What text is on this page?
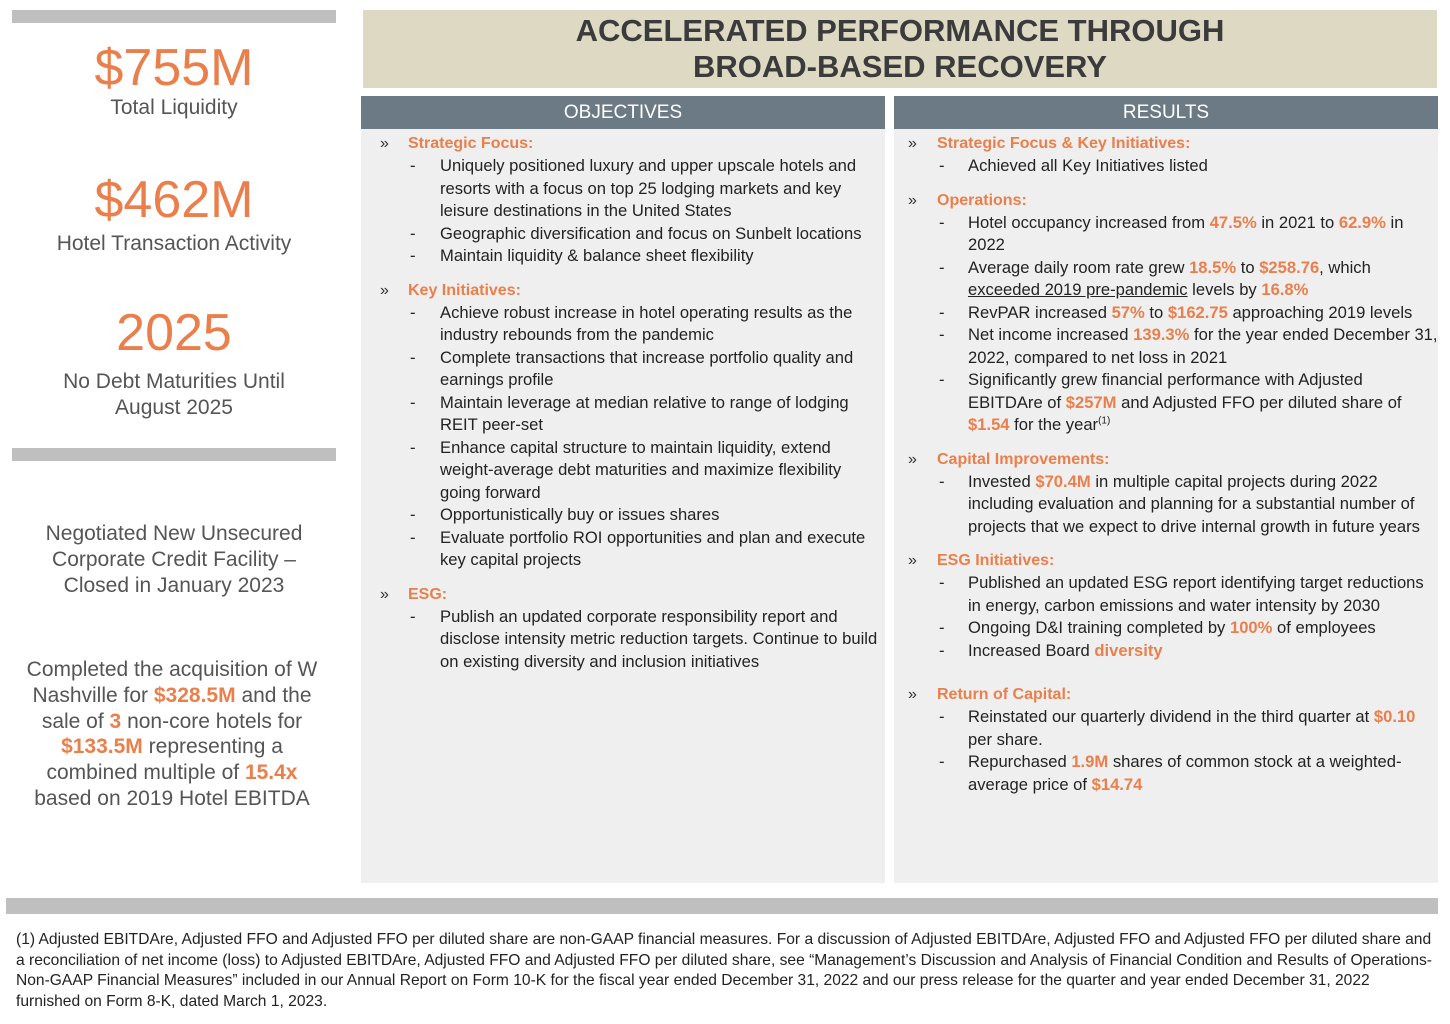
$755M
Total Liquidity
$462M
Hotel Transaction Activity
2025
No Debt Maturities Until
August 2025
Negotiated New Unsecured
Corporate Credit Facility –
Closed in January 2023
Completed the acquisition of W
Nashville for $328.5M and the
sale of 3 non-core hotels for
$133.5M representing a
combined multiple of 15.4x
based on 2019 Hotel EBITDA
ACCELERATED PERFORMANCE THROUGH
BROAD-BASED RECOVERY
OBJECTIVES
» Strategic Focus:
- Uniquely positioned luxury and upper upscale hotels and resorts with a focus on top 25 lodging markets and key leisure destinations in the United States
- Geographic diversification and focus on Sunbelt locations
- Maintain liquidity & balance sheet flexibility
» Key Initiatives:
- Achieve robust increase in hotel operating results as the industry rebounds from the pandemic
- Complete transactions that increase portfolio quality and earnings profile
- Maintain leverage at median relative to range of lodging REIT peer-set
- Enhance capital structure to maintain liquidity, extend weight-average debt maturities and maximize flexibility going forward
- Opportunistically buy or issues shares
- Evaluate portfolio ROI opportunities and plan and execute key capital projects
» ESG:
- Publish an updated corporate responsibility report and disclose intensity metric reduction targets. Continue to build on existing diversity and inclusion initiatives
RESULTS
» Strategic Focus & Key Initiatives:
- Achieved all Key Initiatives listed
» Operations:
- Hotel occupancy increased from 47.5% in 2021 to 62.9% in 2022
- Average daily room rate grew 18.5% to $258.76, which exceeded 2019 pre-pandemic levels by 16.8%
- RevPAR increased 57% to $162.75 approaching 2019 levels
- Net income increased 139.3% for the year ended December 31, 2022, compared to net loss in 2021
- Significantly grew financial performance with Adjusted EBITDAre of $257M and Adjusted FFO per diluted share of $1.54 for the year$^{(1)}$
» Capital Improvements:
- Invested $70.4M in multiple capital projects during 2022 including evaluation and planning for a substantial number of projects that we expect to drive internal growth in future years
» ESG Initiatives:
- Published an updated ESG report identifying target reductions in energy, carbon emissions and water intensity by 2030
- Ongoing D&I training completed by 100% of employees
- Increased Board diversity
» Return of Capital:
- Reinstated our quarterly dividend in the third quarter at $0.10 per share.
- Repurchased 1.9M shares of common stock at a weighted-average price of $14.74
(1) Adjusted EBITDAre, Adjusted FFO and Adjusted FFO per diluted share are non-GAAP financial measures. For a discussion of Adjusted EBITDAre, Adjusted FFO and Adjusted FFO per diluted share and a reconciliation of net income (loss) to Adjusted EBITDAre, Adjusted FFO and Adjusted FFO per diluted share, see “Management’s Discussion and Analysis of Financial Condition and Results of Operations-Non-GAAP Financial Measures” included in our Annual Report on Form 10-K for the fiscal year ended December 31, 2022 and our press release for the quarter and year ended December 31, 2022 furnished on Form 8-K, dated March 1, 2023.
